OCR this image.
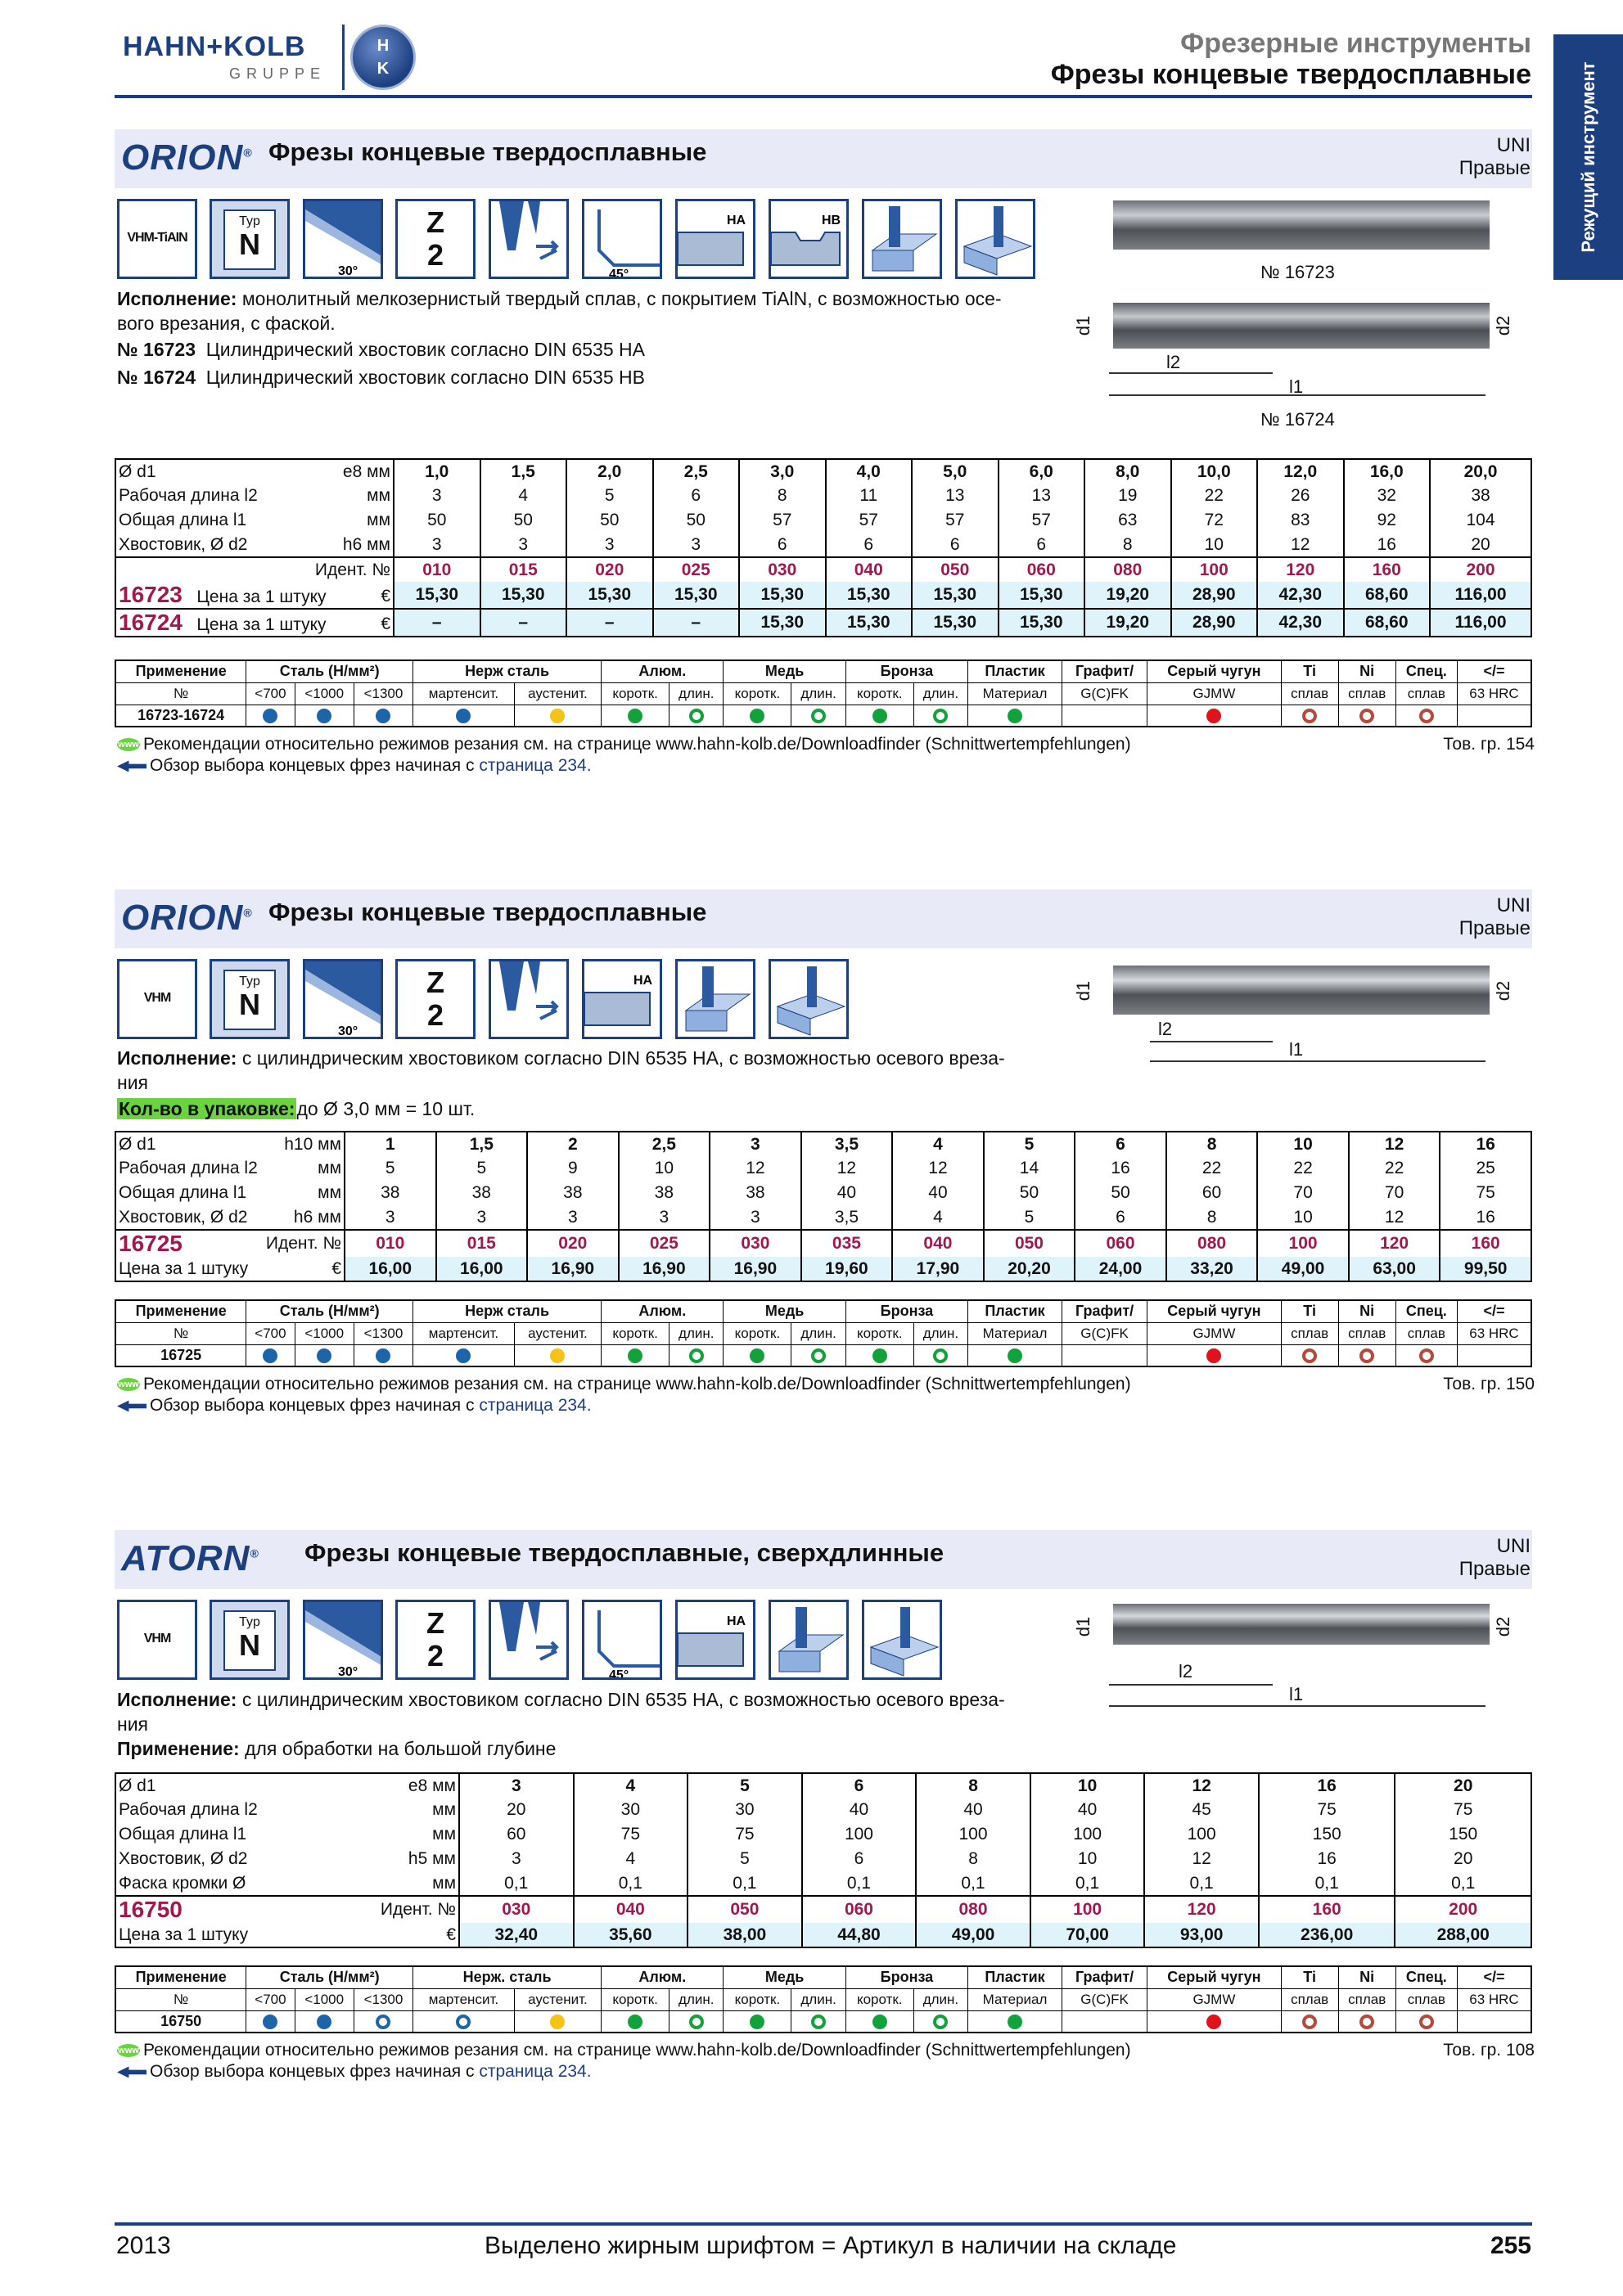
HAHN+KOLB
GRUPPE
H
K
Фрезерные инструменты
Фрезы концевые твердосплавные	Режущий инструмент
ORION® Фрезы концевые твердосплавные	UNI
Правые
VHM-TiAIN
Typ
N
30°
Z
2
45°
HA	HB
№ 16723
d1	d2
l2
l1
№ 16724
Исполнение: монолитный мелкозернистый твердый сплав, с покрытием TiAlN, с возможностью осе-
вого врезания, с фаской.
№ 16723 Цилиндрический хвостовик согласно DIN 6535 HA
№ 16724 Цилиндрический хвостовик согласно DIN 6535 HB
Ø d1	e8 мм	1,0	1,5	2,0	2,5	3,0	4,0	5,0	6,0	8,0	10,0	12,0	16,0	20,0
Рабочая длина l2	мм	3	4	5	6	8	11	13	13	19	22	26	32	38
Общая длина l1	мм	50	50	50	50	57	57	57	57	63	72	83	92	104
Хвостовик, Ø d2	h6 мм	3	3	3	3	6	6	6	6	8	10	12	16	20
	Идент. №	010	015	020	025	030	040	050	060	080	100	120	160	200
16723 Цена за 1 штуку €		15,30	15,30	15,30	15,30	15,30	15,30	15,30	15,30	19,20	28,90	42,30	68,60	116,00
16724 Цена за 1 штуку €		–	–	–	–	15,30	15,30	15,30	15,30	19,20	28,90	42,30	68,60	116,00
Применение	Сталь (Н/мм²)			Нерж сталь		Алюм.		Медь		Бронза		Пластик	Графит/	Серый чугун	Ti	Ni	Спец.	</=
№	<700	<1000	<1300	мартенсит.	аустенит.	коротк.	длин.	коротк.	длин.	коротк.	длин.	Материал	G(C)FK	GJMW	сплав	сплав	сплав	63 HRC
16723-16724																		
www Рекомендации относительно режимов резания см. на странице www.hahn-kolb.de/Downloadfinder (Schnittwertempfehlungen)	Тов. гр. 154
Обзор выбора концевых фрез начиная с страница 234.
ORION® Фрезы концевые твердосплавные	UNI
Правые
VHM
Typ
N
30°
Z
2
HA
d1	d2
l2
l1
Исполнение: с цилиндрическим хвостовиком согласно DIN 6535 HA, с возможностью осевого вреза-
ния
Кол-во в упаковке:до Ø 3,0 мм = 10 шт.
Ø d1	h10 мм	1	1,5	2	2,5	3	3,5	4	5	6	8	10	12	16
Рабочая длина l2	мм	5	5	9	10	12	12	12	14	16	22	22	22	25
Общая длина l1	мм	38	38	38	38	38	40	40	50	50	60	70	70	75
Хвостовик, Ø d2	h6 мм	3	3	3	3	3	3,5	4	5	6	8	10	12	16
16725	Идент. №	010	015	020	025	030	035	040	050	060	080	100	120	160
Цена за 1 штуку	€	16,00	16,00	16,90	16,90	16,90	19,60	17,90	20,20	24,00	33,20	49,00	63,00	99,50
Применение	Сталь (Н/мм²)			Нерж сталь		Алюм.		Медь		Бронза		Пластик	Графит/	Серый чугун	Ti	Ni	Спец.	</=
№	<700	<1000	<1300	мартенсит.	аустенит.	коротк.	длин.	коротк.	длин.	коротк.	длин.	Материал	G(C)FK	GJMW	сплав	сплав	сплав	63 HRC
16725																		
www Рекомендации относительно режимов резания см. на странице www.hahn-kolb.de/Downloadfinder (Schnittwertempfehlungen)	Тов. гр. 150
Обзор выбора концевых фрез начиная с страница 234.
ATORN® Фрезы концевые твердосплавные, сверхдлинные	UNI
Правые
VHM
Typ
N
30°
Z
2
45°
HA	d1	d2
l2
l1
Исполнение: с цилиндрическим хвостовиком согласно DIN 6535 HA, с возможностью осевого вреза-
ния
Применение: для обработки на большой глубине
Ø d1	e8 мм	3	4	5	6	8	10	12	16	20
Рабочая длина l2	мм	20	30	30	40	40	40	45	75	75
Общая длина l1	мм	60	75	75	100	100	100	100	150	150
Хвостовик, Ø d2	h5 мм	3	4	5	6	8	10	12	16	20
Фаска кромки Ø	мм	0,1	0,1	0,1	0,1	0,1	0,1	0,1	0,1	0,1
16750	Идент. №	030	040	050	060	080	100	120	160	200
Цена за 1 штуку	€	32,40	35,60	38,00	44,80	49,00	70,00	93,00	236,00	288,00
Применение	Сталь (Н/мм²)			Нерж. сталь		Алюм.		Медь		Бронза		Пластик	Графит/	Серый чугун	Ti	Ni	Спец.	</=
№	<700	<1000	<1300	мартенсит.	аустенит.	коротк.	длин.	коротк.	длин.	коротк.	длин.	Материал	G(C)FK	GJMW	сплав	сплав	сплав	63 HRC
16750																		
www Рекомендации относительно режимов резания см. на странице www.hahn-kolb.de/Downloadfinder (Schnittwertempfehlungen)	Тов. гр. 108
Обзор выбора концевых фрез начиная с страница 234.
2013	Выделено жирным шрифтом = Артикул в наличии на складе	255
